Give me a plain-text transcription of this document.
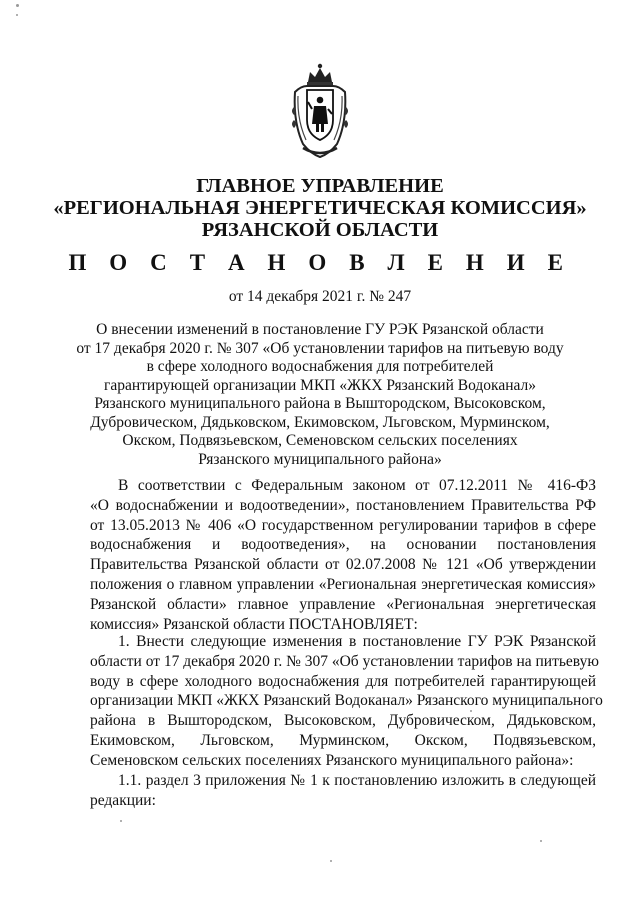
ГЛАВНОЕ УПРАВЛЕНИЕ
«РЕГИОНАЛЬНАЯ ЭНЕРГЕТИЧЕСКАЯ КОМИССИЯ»
РЯЗАНСКОЙ ОБЛАСТИ
П О С Т А Н О В Л Е Н И Е
от 14 декабря 2021 г. № 247
О внесении изменений в постановление ГУ РЭК Рязанской области
от 17 декабря 2020 г. № 307 «Об установлении тарифов на питьевую воду
в сфере холодного водоснабжения для потребителей
гарантирующей организации МКП «ЖКХ Рязанский Водоканал»
Рязанского муниципального района в Выштородском, Высоковском,
Дубровическом, Дядьковском, Екимовском, Льговском, Мурминском,
Окском, Подвязьевском, Семеновском сельских поселениях
Рязанского муниципального района»
В соответствии с Федеральным законом от 07.12.2011 № 416-ФЗ
«О водоснабжении и водоотведении», постановлением Правительства РФ
от 13.05.2013 № 406 «О государственном регулировании тарифов в сфере
водоснабжения и водоотведения», на основании постановления
Правительства Рязанской области от 02.07.2008 № 121 «Об утверждении
положения о главном управлении «Региональная энергетическая комиссия»
Рязанской области» главное управление «Региональная энергетическая
комиссия» Рязанской области ПОСТАНОВЛЯЕТ:
1. Внести следующие изменения в постановление ГУ РЭК Рязанской
области от 17 декабря 2020 г. № 307 «Об установлении тарифов на питьевую
воду в сфере холодного водоснабжения для потребителей гарантирующей
организации МКП «ЖКХ Рязанский Водоканал» Рязанского муниципального
района в Выштородском, Высоковском, Дубровическом, Дядьковском,
Екимовском, Льговском, Мурминском, Окском, Подвязьевском,
Семеновском сельских поселениях Рязанского муниципального района»:
1.1. раздел 3 приложения № 1 к постановлению изложить в следующей
редакции:
